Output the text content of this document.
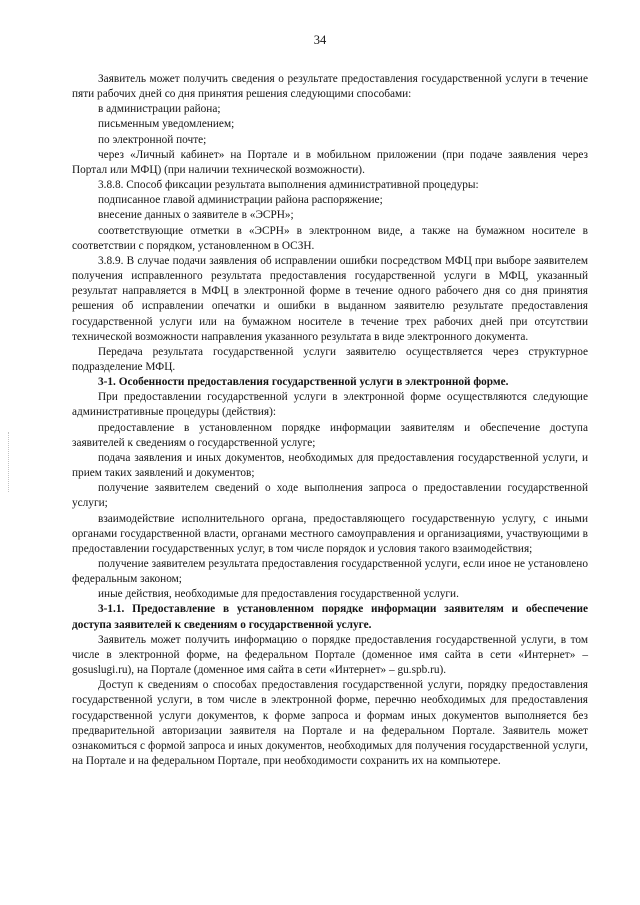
34

Заявитель может получить сведения о результате предоставления государственной услуги в течение пяти рабочих дней со дня принятия решения следующими способами:

в администрации района;

письменным уведомлением;

по электронной почте;

через «Личный кабинет» на Портале и в мобильном приложении (при подаче заявления через Портал или МФЦ) (при наличии технической возможности).

3.8.8. Способ фиксации результата выполнения административной процедуры:

подписанное главой администрации района распоряжение;

внесение данных о заявителе в «ЭСРН»;

соответствующие отметки в «ЭСРН» в электронном виде, а также на бумажном носителе в соответствии с порядком, установленном в ОСЗН.

3.8.9. В случае подачи заявления об исправлении ошибки посредством МФЦ при выборе заявителем получения исправленного результата предоставления государственной услуги в МФЦ, указанный результат направляется в МФЦ в электронной форме в течение одного рабочего дня со дня принятия решения об исправлении опечатки и ошибки в выданном заявителю результате предоставления государственной услуги или на бумажном носителе в течение трех рабочих дней при отсутствии технической возможности направления указанного результата в виде электронного документа.

Передача результата государственной услуги заявителю осуществляется через структурное подразделение МФЦ.

3-1. Особенности предоставления государственной услуги в электронной форме.

При предоставлении государственной услуги в электронной форме осуществляются следующие административные процедуры (действия):

предоставление в установленном порядке информации заявителям и обеспечение доступа заявителей к сведениям о государственной услуге;

подача заявления и иных документов, необходимых для предоставления государственной услуги, и прием таких заявлений и документов;

получение заявителем сведений о ходе выполнения запроса о предоставлении государственной услуги;

взаимодействие исполнительного органа, предоставляющего государственную услугу, с иными органами государственной власти, органами местного самоуправления и организациями, участвующими в предоставлении государственных услуг, в том числе порядок и условия такого взаимодействия;

получение заявителем результата предоставления государственной услуги, если иное не установлено федеральным законом;

иные действия, необходимые для предоставления государственной услуги.

3-1.1. Предоставление в установленном порядке информации заявителям и обеспечение доступа заявителей к сведениям о государственной услуге.

Заявитель может получить информацию о порядке предоставления государственной услуги, в том числе в электронной форме, на федеральном Портале (доменное имя сайта в сети «Интернет» – gosuslugi.ru), на Портале (доменное имя сайта в сети «Интернет» – gu.spb.ru).

Доступ к сведениям о способах предоставления государственной услуги, порядку предоставления государственной услуги, в том числе в электронной форме, перечню необходимых для предоставления государственной услуги документов, к форме запроса и формам иных документов выполняется без предварительной авторизации заявителя на Портале и на федеральном Портале. Заявитель может ознакомиться с формой запроса и иных документов, необходимых для получения государственной услуги, на Портале и на федеральном Портале, при необходимости сохранить их на компьютере.
